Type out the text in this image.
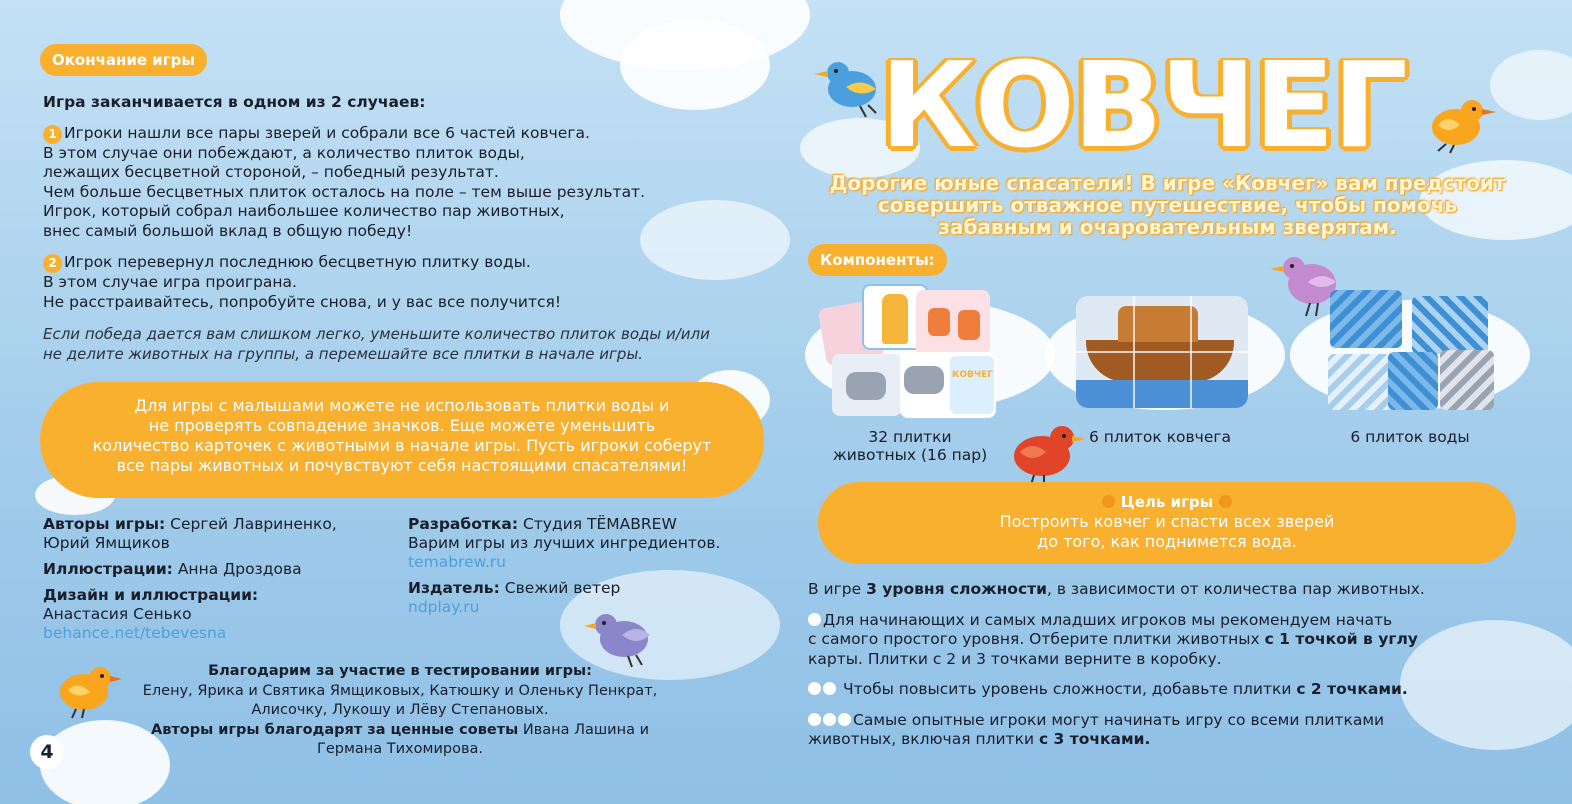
Окончание игры
Игра заканчивается в одном из 2 случаев:
1 Игроки нашли все пары зверей и собрали все 6 частей ковчега.
В этом случае они побеждают, а количество плиток воды,
лежащих бесцветной стороной, – победный результат.
Чем больше бесцветных плиток осталось на поле – тем выше результат.
Игрок, который собрал наибольшее количество пар животных,
внес самый большой вклад в общую победу!
2 Игрок перевернул последнюю бесцветную плитку воды.
В этом случае игра проиграна.
Не расстраивайтесь, попробуйте снова, и у вас все получится!
Если победа дается вам слишком легко, уменьшите количество плиток воды и/или
не делите животных на группы, а перемешайте все плитки в начале игры.
Для игры с малышами можете не использовать плитки воды и
не проверять совпадение значков. Еще можете уменьшить
количество карточек с животными в начале игры. Пусть игроки соберут
все пары животных и почувствуют себя настоящими спасателями!
Авторы игры: Сергей Лавриненко,
Юрий Ямщиков
Иллюстрации: Анна Дроздова
Дизайн и иллюстрации:
Анастасия Сенько
behance.net/tebevesna
Разработка: Студия ТЁМАBREW
Варим игры из лучших ингредиентов.
temabrew.ru
Издатель: Свежий ветер
ndplay.ru
Благодарим за участие в тестировании игры:
Елену, Ярика и Святика Ямщиковых, Катюшку и Оленьку Пенкрат,
Алисочку, Лукошу и Лёву Степановых.
Авторы игры благодарят за ценные советы Ивана Лашина и
Германа Тихомирова.
4
КОВЧЕГ
Дорогие юные спасатели! В игре «Ковчег» вам предстоит
совершить отважное путешествие, чтобы помочь
забавным и очаровательным зверятам.
Компоненты:
КОВЧЕГ
32 плитки
животных (16 пар)
6 плиток ковчега	6 плиток воды
Цель игры
Построить ковчег и спасти всех зверей
до того, как поднимется вода.
В игре 3 уровня сложности, в зависимости от количества пар животных.
Для начинающих и самых младших игроков мы рекомендуем начать
с самого простого уровня. Отберите плитки животных с 1 точкой в углу
карты. Плитки с 2 и 3 точками верните в коробку.
Чтобы повысить уровень сложности, добавьте плитки с 2 точками.
Самые опытные игроки могут начинать игру со всеми плитками
животных, включая плитки с 3 точками.
